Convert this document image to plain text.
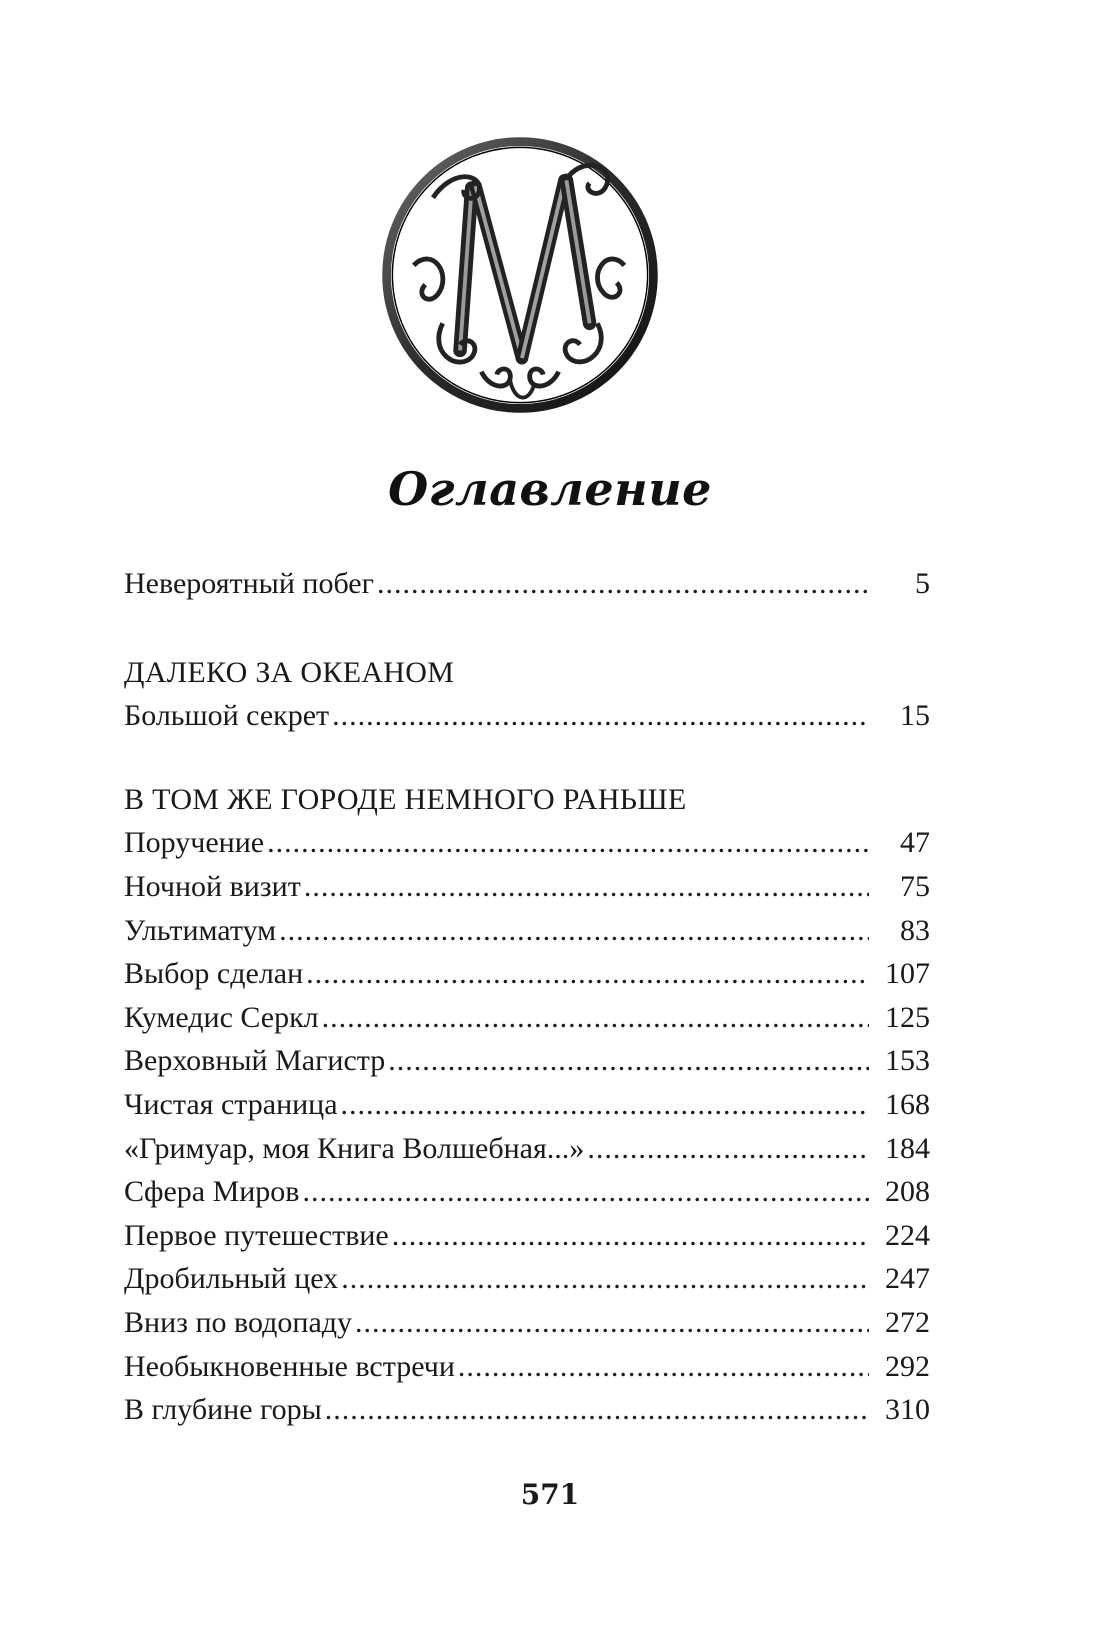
Оглавление
Невероятный побег .....	5
ДАЛЕКО ЗА ОКЕАНОМ
Большой секрет .....	15
В ТОМ ЖЕ ГОРОДЕ НЕМНОГО РАНЬШЕ
Поручение .....	47
Ночной визит .....	75
Ультиматум .....	83
Выбор сделан .....	107
Кумедис Серкл .....	125
Верховный Магистр .....	153
Чистая страница .....	168
«Гримуар, моя Книга Волшебная...» .....	184
Сфера Миров .....	208
Первое путешествие .....	224
Дробильный цех .....	247
Вниз по водопаду .....	272
Необыкновенные встречи .....	292
В глубине горы .....	310
571
